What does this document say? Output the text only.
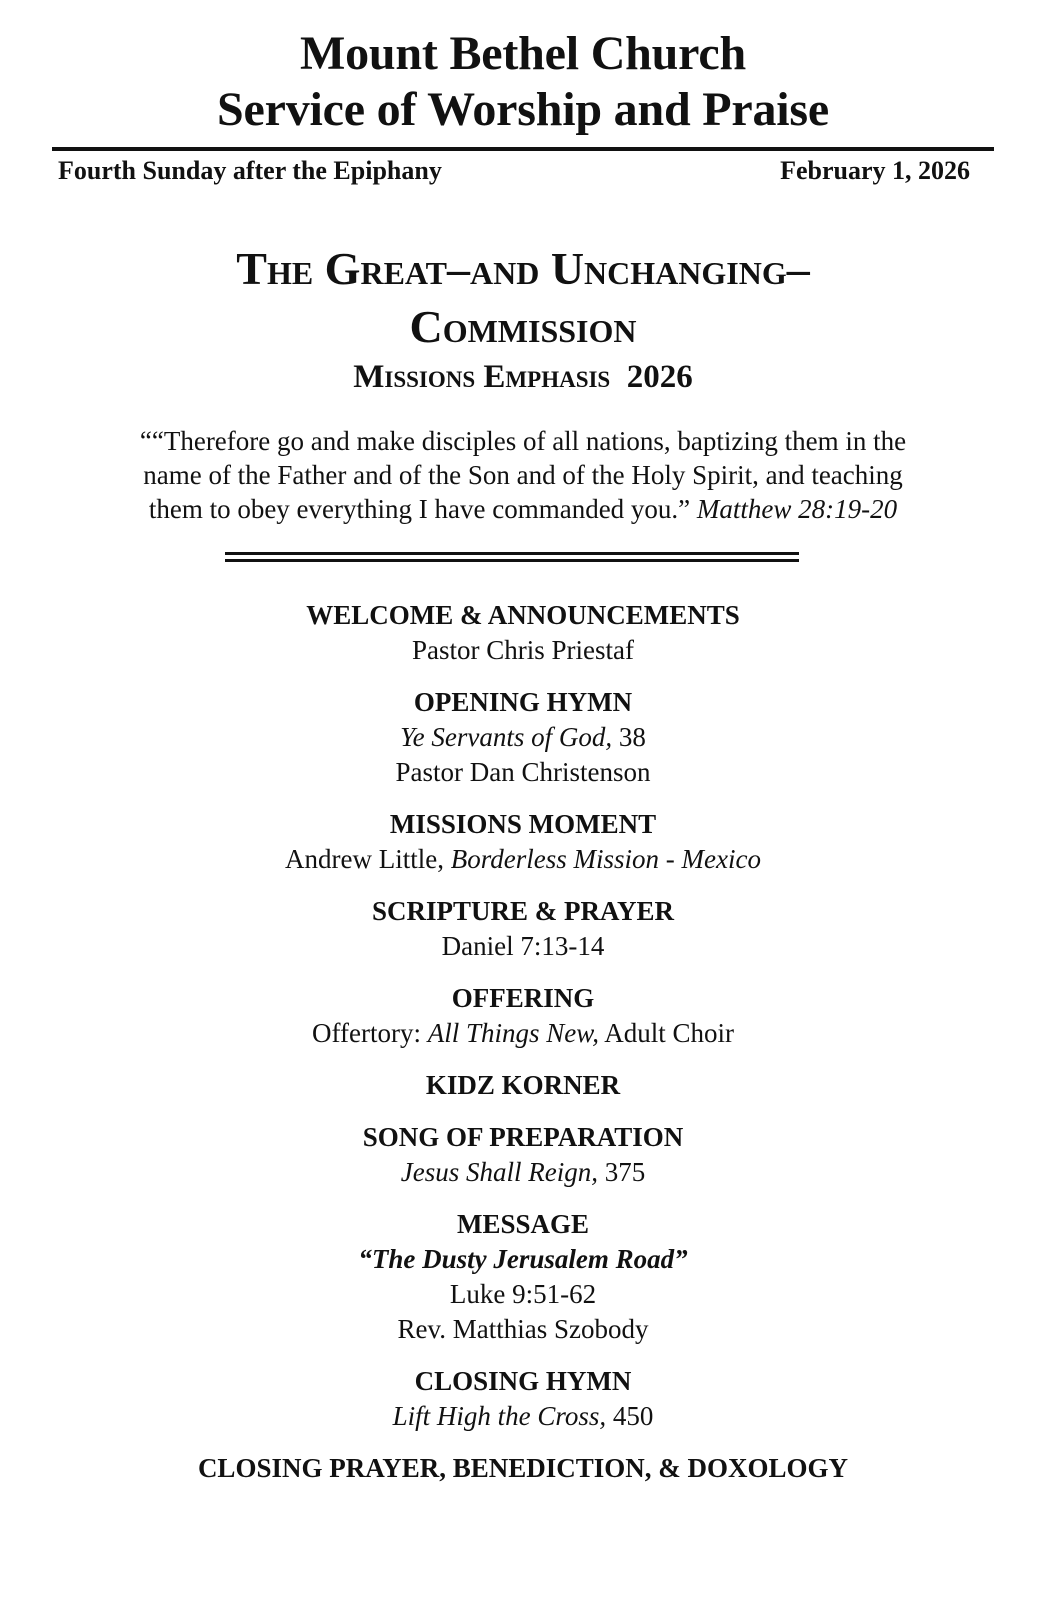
Mount Bethel Church
Service of Worship and Praise
Fourth Sunday after the Epiphany	February 1, 2026
The Great–and Unchanging–
Commission
Missions Emphasis 2026
““Therefore go and make disciples of all nations, baptizing them in the
name of the Father and of the Son and of the Holy Spirit, and teaching
them to obey everything I have commanded you.” Matthew 28:19-20
WELCOME & ANNOUNCEMENTS
Pastor Chris Priestaf
OPENING HYMN
Ye Servants of God, 38
Pastor Dan Christenson
MISSIONS MOMENT
Andrew Little, Borderless Mission - Mexico
SCRIPTURE & PRAYER
Daniel 7:13-14
OFFERING
Offertory: All Things New, Adult Choir
KIDZ KORNER
SONG OF PREPARATION
Jesus Shall Reign, 375
MESSAGE
“The Dusty Jerusalem Road”
Luke 9:51-62
Rev. Matthias Szobody
CLOSING HYMN
Lift High the Cross, 450
CLOSING PRAYER, BENEDICTION, & DOXOLOGY
